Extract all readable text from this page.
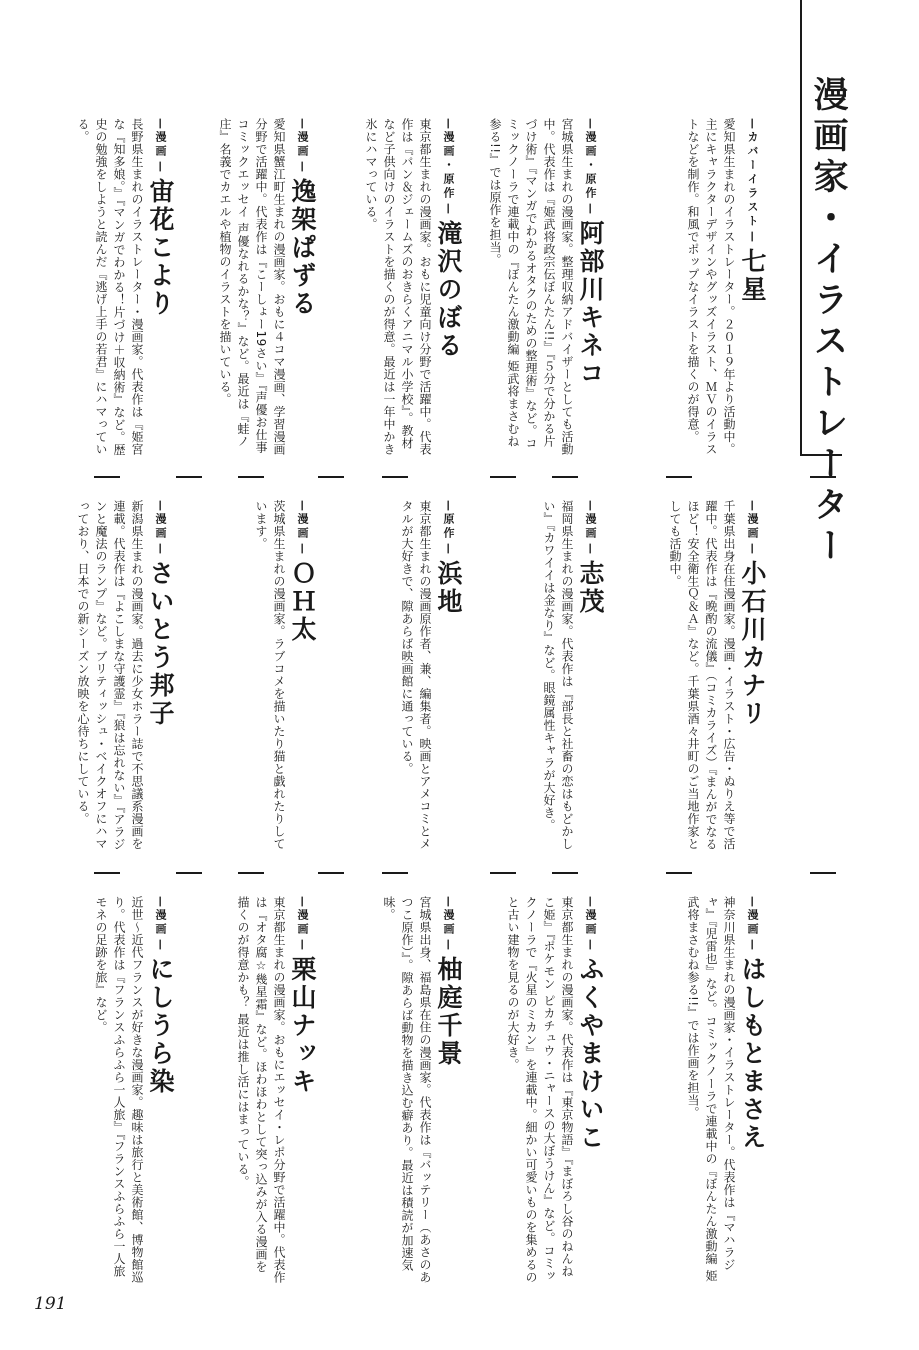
漫画家・イラストレーター
— カバーイラスト —
七星
愛知県生まれのイラストレーター。２０１９年より活動中。主にキャラクターデザインやグッズイラスト、ＭＶのイラストなどを制作。和風でポップなイラストを描くのが得意。
— 漫画・原作 —
阿部川キネコ
宮城県生まれの漫画家。整理収納アドバイザーとしても活動中。代表作は『姫武将政宗伝ぼんたん!!』『５分で分かる片づけ術』『マンガでわかるオタクのための整理術』など。コミックノーラで連載中の『ぼんたん激動編 姫武将まさむね参る!!』では原作を担当。
— 漫画・原作 —
滝沢のぼる
東京都生まれの漫画家。おもに児童向け分野で活躍中。代表作は『パン＆ジェームズのおきらくアニマル小学校』。教材など子供向けのイラストを描くのが得意。最近は一年中かき氷にハマっている。
— 漫画 —
逸架ぱずる
愛知県蟹江町生まれの漫画家。おもに４コマ漫画、学習漫画分野で活躍中。代表作は『こーしょー19さい』『声優お仕事コミックエッセイ 声優なれるかな？』など。最近は『蛙ノ庄』名義でカエルや植物のイラストを描いている。
— 漫画 —
宙花こより
長野県生まれのイラストレーター・漫画家。代表作は『姫宮な『知多娘。』『マンガでわかる！片づけ＋収納術』など。歴史の勉強をしようと読んだ『逃げ上手の若君』にハマっている。
— 漫画 —
小石川カナリ
千葉県出身在住漫画家。漫画・イラスト・広告・ぬりえ等で活躍中。代表作は『晩酌の流儀』（コミカライズ）『まんがでなるほど！安全衛生Ｑ＆Ａ』など。千葉県酒々井町のご当地作家としても活動中。
— 漫画 —
志茂
福岡県生まれの漫画家。代表作は『部長と社畜の恋はもどかしい』『カワイイは金なり』など。眼鏡属性キャラが大好き。
— 原作 —
浜地
東京都生まれの漫画原作者、兼、編集者。映画とアメコミとメタルが大好きで、隙あらば映画館に通っている。
— 漫画 —
ＯＨ太
茨城県生まれの漫画家。ラブコメを描いたり猫と戯れたりしています。
— 漫画 —
さいとう邦子
新潟県生まれの漫画家。過去に少女ホラー誌で不思議系漫画を連載。代表作は『よこしまな守護霊』『狼は忘れない』『アラジンと魔法のランプ』など。ブリティッシュ・ベイクオフにハマっており、日本での新シーズン放映を心待ちにしている。
— 漫画 —
はしもとまさえ
神奈川県生まれの漫画家・イラストレーター。代表作は『マハラジャ』『児雷也』など。コミックノーラで連載中の『ぼんたん激動編 姫武将まさむね参る!!』では作画を担当。
— 漫画 —
ふくやまけいこ
東京都生まれの漫画家。代表作は『東京物語』『まぼろし谷のねんねこ姫』『ポケモン ピカチュウ・ニャースの大ぼうけん』など。コミックノーラで『火星のミカン』を連載中。細かい可愛いものを集めるのと古い建物を見るのが大好き。
— 漫画 —
柚庭千景
宮城県出身、福島県在住の漫画家。代表作は『バッテリー（あさのあつこ原作）』。隙あらば動物を描き込む癖あり。最近は積読が加速気味。
— 漫画 —
栗山ナッキ
東京都生まれの漫画家。おもにエッセイ・レポ分野で活躍中。代表作は『オタ腐☆幾星霜』など。ほわほわとして突っ込みが入る漫画を描くのが得意かも？ 最近は推し活にはまっている。
— 漫画 —
にしうら染
近世〜近代フランスが好きな漫画家。趣味は旅行と美術館、博物館巡り。代表作は『フランスふらふら一人旅』『フランスふらふら一人旅 モネの足跡を旅』など。
191
